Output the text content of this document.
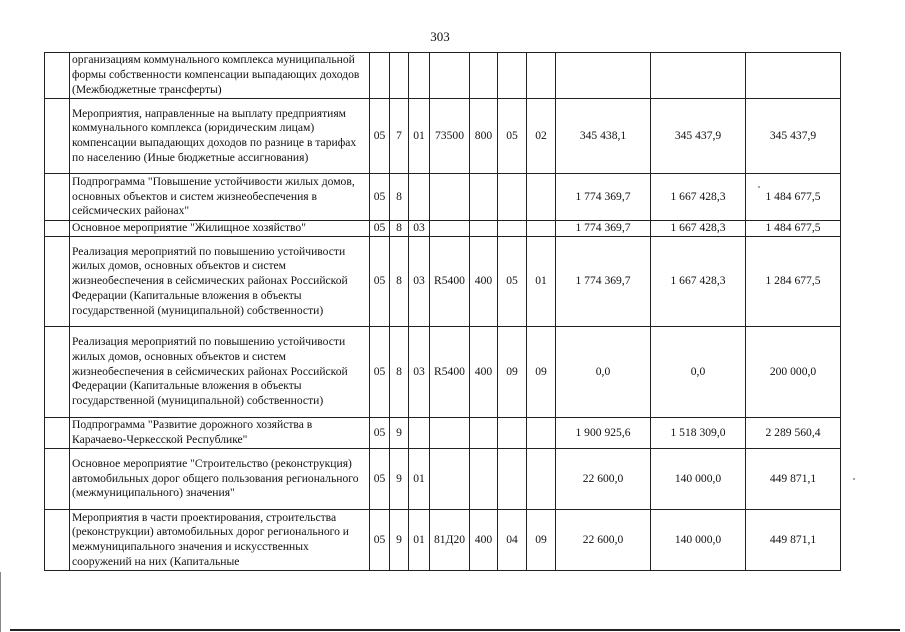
303
	организациям коммунального комплекса муниципальной формы собственности компенсации выпадающих доходов (Межбюджетные трансферты)										
	Мероприятия, направленные на выплату предприятиям коммунального комплекса (юридическим лицам) компенсации выпадающих доходов по разнице в тарифах по населению (Иные бюджетные ассигнования)	05	7	01	73500	800	05	02	345 438,1	345 437,9	345 437,9
	Подпрограмма "Повышение устойчивости жилых домов, основных объектов и систем жизнеобеспечения в сейсмических районах"	05	8						1 774 369,7	1 667 428,3	1 484 677,5
	Основное мероприятие "Жилищное хозяйство"	05	8	03					1 774 369,7	1 667 428,3	1 484 677,5
	Реализация мероприятий по повышению устойчивости жилых домов, основных объектов и систем жизнеобеспечения в сейсмических районах Российской Федерации (Капитальные вложения в объекты государственной (муниципальной) собственности)	05	8	03	R5400	400	05	01	1 774 369,7	1 667 428,3	1 284 677,5
	Реализация мероприятий по повышению устойчивости жилых домов, основных объектов и систем жизнеобеспечения в сейсмических районах Российской Федерации (Капитальные вложения в объекты государственной (муниципальной) собственности)	05	8	03	R5400	400	09	09	0,0	0,0	200 000,0
	Подпрограмма "Развитие дорожного хозяйства в Карачаево-Черкесской Республике"	05	9						1 900 925,6	1 518 309,0	2 289 560,4
	Основное мероприятие "Строительство (реконструкция) автомобильных дорог общего пользования регионального (межмуниципального) значения"	05	9	01					22 600,0	140 000,0	449 871,1
	Мероприятия в части проектирования, строительства (реконструкции) автомобильных дорог регионального и межмуниципального значения и искусственных сооружений на них (Капитальные	05	9	01	81Д20	400	04	09	22 600,0	140 000,0	449 871,1
